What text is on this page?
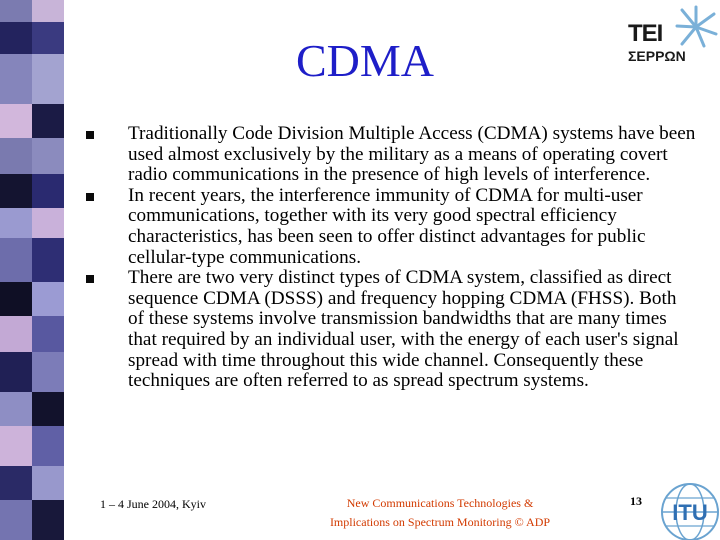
CDMA
TEI
ΣΕΡΡΩΝ
Traditionally Code Division Multiple Access (CDMA) systems have been used almost exclusively by the military as a means of operating covert radio communications in the presence of high levels of interference.
In recent years, the interference immunity of CDMA for multi-user communications, together with its very good spectral efficiency characteristics, has been seen to offer distinct advantages for public cellular-type communications.
There are two very distinct types of CDMA system, classified as direct sequence CDMA (DSSS) and frequency hopping CDMA (FHSS). Both of these systems involve transmission bandwidths that are many times that required by an individual user, with the energy of each user's signal spread with time throughout this wide channel. Consequently these techniques are often referred to as spread spectrum systems.
1 – 4 June 2004, Kyiv	New Communications Technologies &
Implications on Spectrum Monitoring © ADP
13 ITU
